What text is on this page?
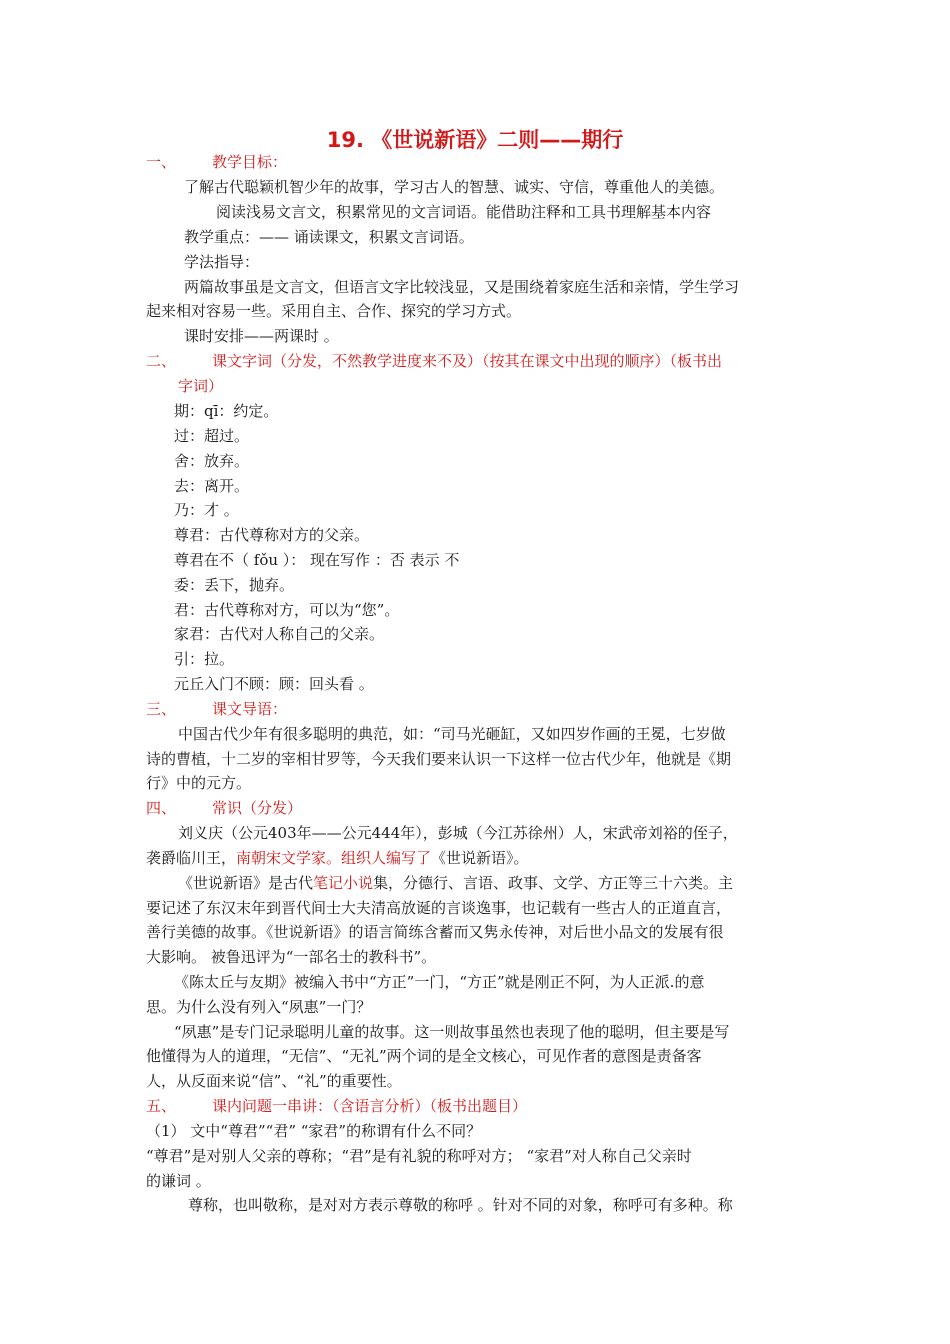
19. 《世说新语》二则——期行
一、 教学目标：
了解古代聪颖机智少年的故事，学习古人的智慧、诚实、守信，尊重他人的美德。
阅读浅易文言文，积累常见的文言词语。能借助注释和工具书理解基本内容
教学重点：—— 诵读课文，积累文言词语。
学法指导：
两篇故事虽是文言文，但语言文字比较浅显，又是围绕着家庭生活和亲情，学生学习
起来相对容易一些。采用自主、合作、探究的学习方式。
课时安排——两课时 。
二、 课文字词（分发，不然教学进度来不及）（按其在课文中出现的顺序）（板书出
字词）
期：qī：约定。
过：超过。
舍：放弃。
去：离开。
乃：才 。
尊君：古代尊称对方的父亲。
尊君在不（ fǒu ）： 现在写作 ：否 表示 不
委：丢下，抛弃。
君：古代尊称对方，可以为“您”。
家君：古代对人称自己的父亲。
引：拉。
元丘入门不顾：顾：回头看 。
三、 课文导语：
中国古代少年有很多聪明的典范，如：“司马光砸缸，又如四岁作画的王冕，七岁做
诗的曹植，十二岁的宰相甘罗等，今天我们要来认识一下这样一位古代少年，他就是《期
行》中的元方。
四、 常识（分发）
刘义庆（公元403年——公元444年），彭城（今江苏徐州）人，宋武帝刘裕的侄子，
袭爵临川王，南朝宋文学家。组织人编写了《世说新语》。
《世说新语》是古代笔记小说集，分德行、言语、政事、文学、方正等三十六类。主
要记述了东汉末年到晋代间士大夫清高放诞的言谈逸事，也记载有一些古人的正道直言，
善行美德的故事。《世说新语》的语言简练含蓄而又隽永传神，对后世小品文的发展有很
大影响。 被鲁迅评为“一部名士的教科书”。
《陈太丘与友期》被编入书中“方正”一门，“方正”就是刚正不阿，为人正派.的意
思。为什么没有列入“夙惠”一门？
“夙惠”是专门记录聪明儿童的故事。这一则故事虽然也表现了他的聪明，但主要是写
他懂得为人的道理，“无信”、“无礼”两个词的是全文核心，可见作者的意图是责备客
人，从反面来说“信”、“礼”的重要性。
五、 课内问题一串讲：（含语言分析）（板书出题目）
（1） 文中“尊君”“君” “家君”的称谓有什么不同？
“尊君”是对别人父亲的尊称；“君”是有礼貌的称呼对方； “家君”对人称自己父亲时
的谦词 。
尊称，也叫敬称，是对对方表示尊敬的称呼 。针对不同的对象，称呼可有多种。称
